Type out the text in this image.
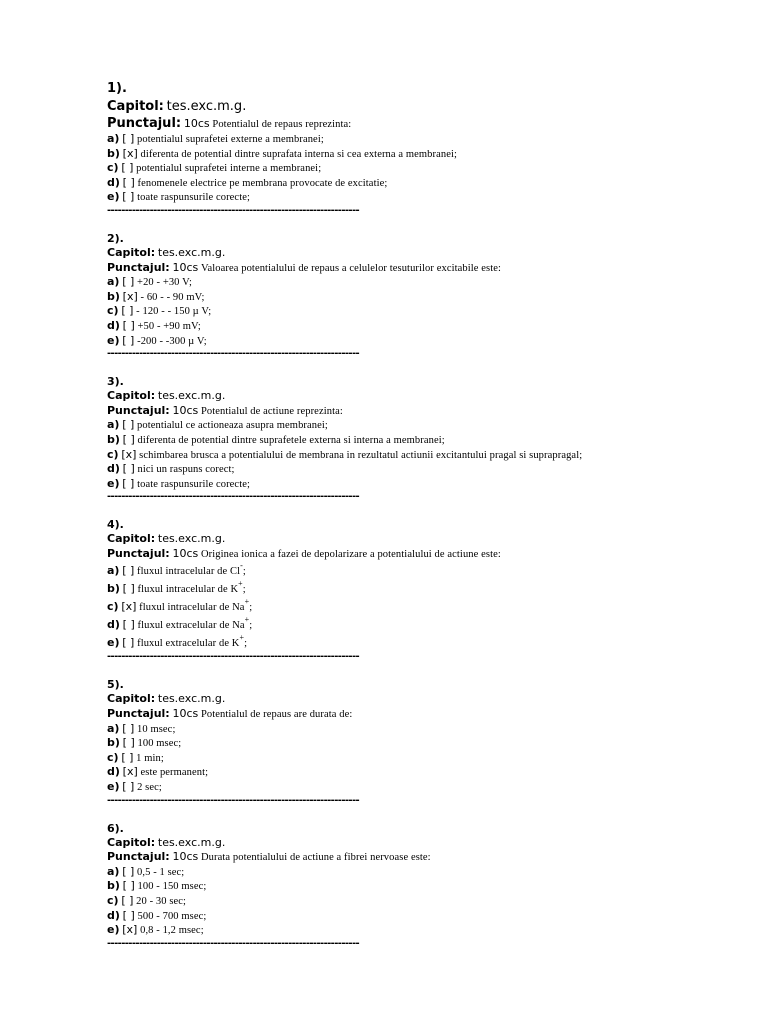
1).
Capitol: tes.exc.m.g.
Punctajul: 10cs Potentialul de repaus reprezinta:
a) [ ] potentialul suprafetei externe a membranei;
b) [x] diferenta de potential dintre suprafata interna si cea externa a membranei;
c) [ ] potentialul suprafetei interne a membranei;
d) [ ] fenomenele electrice pe membrana provocate de excitatie;
e) [ ] toate raspunsurile corecte;
-----------------------------------------------------------------------
2).
Capitol: tes.exc.m.g.
Punctajul: 10cs Valoarea potentialului de repaus a celulelor tesuturilor excitabile este:
a) [ ] +20 - +30 V;
b) [x] - 60 - - 90 mV;
c) [ ] - 120 - - 150 µ V;
d) [ ] +50 - +90 mV;
e) [ ] -200 - -300 µ V;
-----------------------------------------------------------------------
3).
Capitol: tes.exc.m.g.
Punctajul: 10cs Potentialul de actiune reprezinta:
a) [ ] potentialul ce actioneaza asupra membranei;
b) [ ] diferenta de potential dintre suprafetele externa si interna a membranei;
c) [x] schimbarea brusca a potentialului de membrana in rezultatul actiunii excitantului pragal si suprapragal;
d) [ ] nici un raspuns corect;
e) [ ] toate raspunsurile corecte;
-----------------------------------------------------------------------
4).
Capitol: tes.exc.m.g.
Punctajul: 10cs Originea ionica a fazei de depolarizare a potentialului de actiune este:
a) [ ] fluxul intracelular de Cl-;
b) [ ] fluxul intracelular de K+;
c) [x] fluxul intracelular de Na+;
d) [ ] fluxul extracelular de Na+;
e) [ ] fluxul extracelular de K+;
-----------------------------------------------------------------------
5).
Capitol: tes.exc.m.g.
Punctajul: 10cs Potentialul de repaus are durata de:
a) [ ] 10 msec;
b) [ ] 100 msec;
c) [ ] 1 min;
d) [x] este permanent;
e) [ ] 2 sec;
-----------------------------------------------------------------------
6).
Capitol: tes.exc.m.g.
Punctajul: 10cs Durata potentialului de actiune a fibrei nervoase este:
a) [ ] 0,5 - 1 sec;
b) [ ] 100 - 150 msec;
c) [ ] 20 - 30 sec;
d) [ ] 500 - 700 msec;
e) [x] 0,8 - 1,2 msec;
-----------------------------------------------------------------------
